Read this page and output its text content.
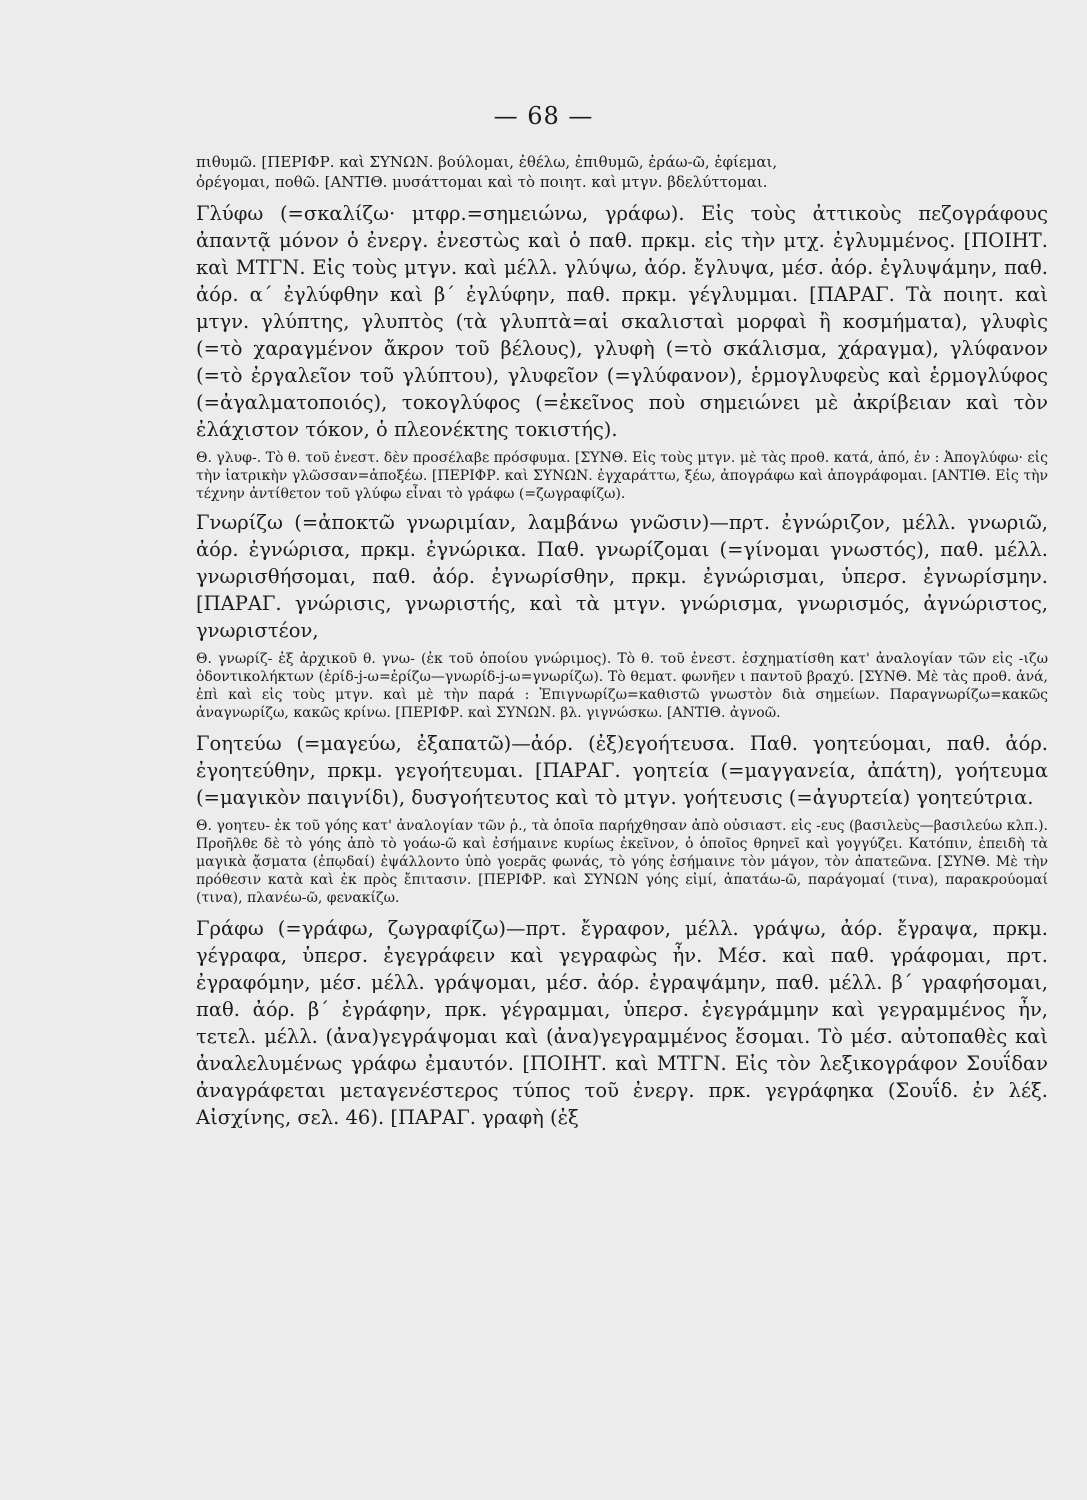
— 68 —

πιθυμῶ. [ΠΕΡΙΦΡ. καὶ ΣΥΝΩΝ. βούλομαι, ἐθέλω, ἐπιθυμῶ, ἐράω-ῶ, ἐφίεμαι,

ὀρέγομαι, ποθῶ. [ΑΝΤΙΘ. μυσάττομαι καὶ τὸ ποιητ. καὶ μτγν. βδελύττομαι.

Γλύφω (=σκαλίζω· μτφρ.=σημειώνω, γράφω). Εἰς τοὺς ἀττικοὺς πεζογράφους ἀπαντᾷ μόνον ὁ ἐνεργ. ἐνεστὼς καὶ ὁ παθ. πρκμ. εἰς τὴν μτχ. ἐγλυμμένος. [ΠΟΙΗΤ. καὶ ΜΤΓΝ. Εἰς τοὺς μτγν. καὶ μέλλ. γλύψω, ἀόρ. ἔγλυψα, μέσ. ἀόρ. ἐγλυψάμην, παθ. ἀόρ. α΄ ἐγλύφθην καὶ β΄ ἐγλύφην, παθ. πρκμ. γέγλυμμαι. [ΠΑΡΑΓ. Τὰ ποιητ. καὶ μτγν. γλύπτης, γλυπτὸς (τὰ γλυπτὰ=αἱ σκαλισταὶ μορφαὶ ἢ κοσμήματα), γλυφὶς (=τὸ χαραγμένον ἄκρον τοῦ βέλους), γλυφὴ (=τὸ σκάλισμα, χάραγμα), γλύφανον (=τὸ ἐργαλεῖον τοῦ γλύπτου), γλυφεῖον (=γλύφανον), ἑρμογλυφεὺς καὶ ἑρμογλύφος (=ἀγαλματοποιός), τοκογλύφος (=ἐκεῖνος ποὺ σημειώνει μὲ ἀκρίβειαν καὶ τὸν ἐλάχιστον τόκον, ὁ πλεονέκτης τοκιστής).

Θ. γλυφ-. Τὸ θ. τοῦ ἐνεστ. δὲν προσέλαβε πρόσφυμα. [ΣΥΝΘ. Εἰς τοὺς μτγν. μὲ τὰς προθ. κατά, ἀπό, ἐν : Ἀπογλύφω· εἰς τὴν ἰατρικὴν γλῶσσαν=ἀποξέω. [ΠΕΡΙΦΡ. καὶ ΣΥΝΩΝ. ἐγχαράττω, ξέω, ἀπογράφω καὶ ἀπογράφομαι. [ΑΝΤΙΘ. Εἰς τὴν τέχνην ἀντίθετον τοῦ γλύφω εἶναι τὸ γράφω (=ζωγραφίζω).

Γνωρίζω (=ἀποκτῶ γνωριμίαν, λαμβάνω γνῶσιν)—πρτ. ἐγνώριζον, μέλλ. γνωριῶ, ἀόρ. ἐγνώρισα, πρκμ. ἐγνώρικα. Παθ. γνωρίζομαι (=γίνομαι γνωστός), παθ. μέλλ. γνωρισθήσομαι, παθ. ἀόρ. ἐγνωρίσθην, πρκμ. ἐγνώρισμαι, ὑπερσ. ἐγνωρίσμην. [ΠΑΡΑΓ. γνώρισις, γνωριστής, καὶ τὰ μτγν. γνώρισμα, γνωρισμός, ἀγνώριστος, γνωριστέον,

Θ. γνωρίζ- ἐξ ἀρχικοῦ θ. γνω- (ἐκ τοῦ ὁποίου γνώριμος). Τὸ θ. τοῦ ἐνεστ. ἐσχηματίσθη κατ' ἀναλογίαν τῶν εἰς -ιζω ὀδοντικολήκτων (ἐρίδ-j-ω=ἐρίζω—γνωρίδ-j-ω=γνωρίζω). Τὸ θεματ. φωνῆεν ι παντοῦ βραχύ. [ΣΥΝΘ. Μὲ τὰς προθ. ἀνά, ἐπὶ καὶ εἰς τοὺς μτγν. καὶ μὲ τὴν παρά : Ἐπιγνωρίζω=καθιστῶ γνωστὸν διὰ σημείων. Παραγνωρίζω=κακῶς ἀναγνωρίζω, κακῶς κρίνω. [ΠΕΡΙΦΡ. καὶ ΣΥΝΩΝ. βλ. γιγνώσκω. [ΑΝΤΙΘ. ἀγνοῶ.

Γοητεύω (=μαγεύω, ἐξαπατῶ)—ἀόρ. (ἐξ)εγοήτευσα. Παθ. γοητεύομαι, παθ. ἀόρ. ἐγοητεύθην, πρκμ. γεγοήτευμαι. [ΠΑΡΑΓ. γοητεία (=μαγγανεία, ἀπάτη), γοήτευμα (=μαγικὸν παιγνίδι), δυσγοήτευτος καὶ τὸ μτγν. γοήτευσις (=ἀγυρτεία) γοητεύτρια.

Θ. γοητευ- ἐκ τοῦ γόης κατ' ἀναλογίαν τῶν ῥ., τὰ ὁποῖα παρήχθησαν ἀπὸ οὐσιαστ. εἰς -ευς (βασιλεὺς—βασιλεύω κλπ.). Προῆλθε δὲ τὸ γόης ἀπὸ τὸ γοάω-ῶ καὶ ἐσήμαινε κυρίως ἐκεῖνον, ὁ ὁποῖος θρηνεῖ καὶ γογγύζει. Κατόπιν, ἐπειδὴ τὰ μαγικὰ ᾄσματα (ἐπῳδαί) ἐψάλλοντο ὑπὸ γοερᾶς φωνάς, τὸ γόης ἐσήμαινε τὸν μάγον, τὸν ἀπατεῶνα. [ΣΥΝΘ. Μὲ τὴν πρόθεσιν κατὰ καὶ ἐκ πρὸς ἔπιτασιν. [ΠΕΡΙΦΡ. καὶ ΣΥΝΩΝ γόης εἰμί, ἀπατάω-ῶ, παράγομαί (τινα), παρακρούομαί (τινα), πλανέω-ῶ, φενακίζω.

Γράφω (=γράφω, ζωγραφίζω)—πρτ. ἔγραφον, μέλλ. γράψω, ἀόρ. ἔγραψα, πρκμ. γέγραφα, ὑπερσ. ἐγεγράφειν καὶ γεγραφὼς ἦν. Μέσ. καὶ παθ. γράφομαι, πρτ. ἐγραφόμην, μέσ. μέλλ. γράψομαι, μέσ. ἀόρ. ἐγραψάμην, παθ. μέλλ. β΄ γραφήσομαι, παθ. ἀόρ. β΄ ἐγράφην, πρκ. γέγραμμαι, ὑπερσ. ἐγεγράμμην καὶ γεγραμμένος ἦν, τετελ. μέλλ. (ἀνα)γεγράψομαι καὶ (ἀνα)γεγραμμένος ἔσομαι. Τὸ μέσ. αὐτοπαθὲς καὶ ἀναλελυμένως γράφω ἐμαυτόν. [ΠΟΙΗΤ. καὶ ΜΤΓΝ. Εἰς τὸν λεξικογράφον Σουΐδαν ἀναγράφεται μεταγενέστερος τύπος τοῦ ἐνεργ. πρκ. γεγράφηκα (Σουΐδ. ἐν λέξ. Αἰσχίνης, σελ. 46). [ΠΑΡΑΓ. γραφὴ (ἐξ
